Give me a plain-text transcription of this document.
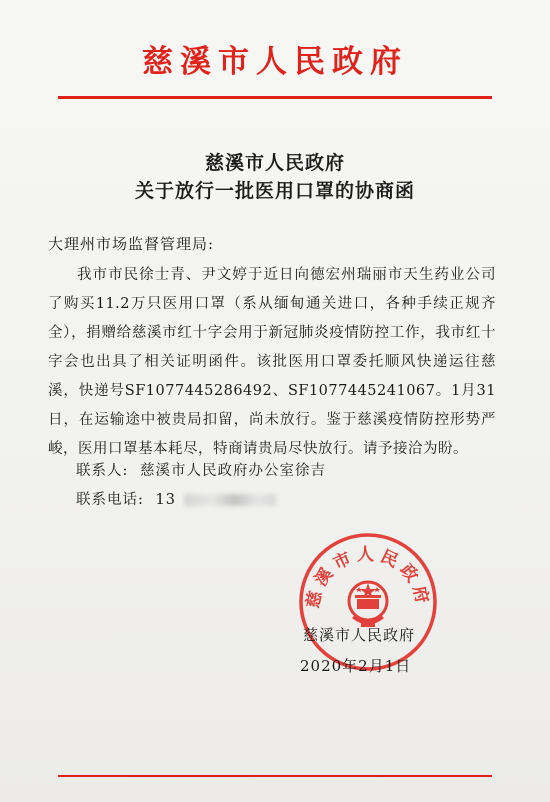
慈溪市人民政府
慈溪市人民政府
关于放行一批医用口罩的协商函
大理州市场监督管理局:
我市市民徐士青、尹文婷于近日向德宏州瑞丽市天生药业公司了购买11.2万只医用口罩（系从缅甸通关进口，各种手续正规齐全），捐赠给慈溪市红十字会用于新冠肺炎疫情防控工作，我市红十字会也出具了相关证明函件。该批医用口罩委托顺风快递运往慈溪，快递号SF1077445286492、SF1077445241067。1月31日，在运输途中被贵局扣留，尚未放行。鉴于慈溪疫情防控形势严峻，医用口罩基本耗尽，特商请贵局尽快放行。请予接洽为盼。
联系人: 慈溪市人民政府办公室徐吉
联系电话: 13
慈溪市人民政府
慈溪市人民政府
2020年2月1日
